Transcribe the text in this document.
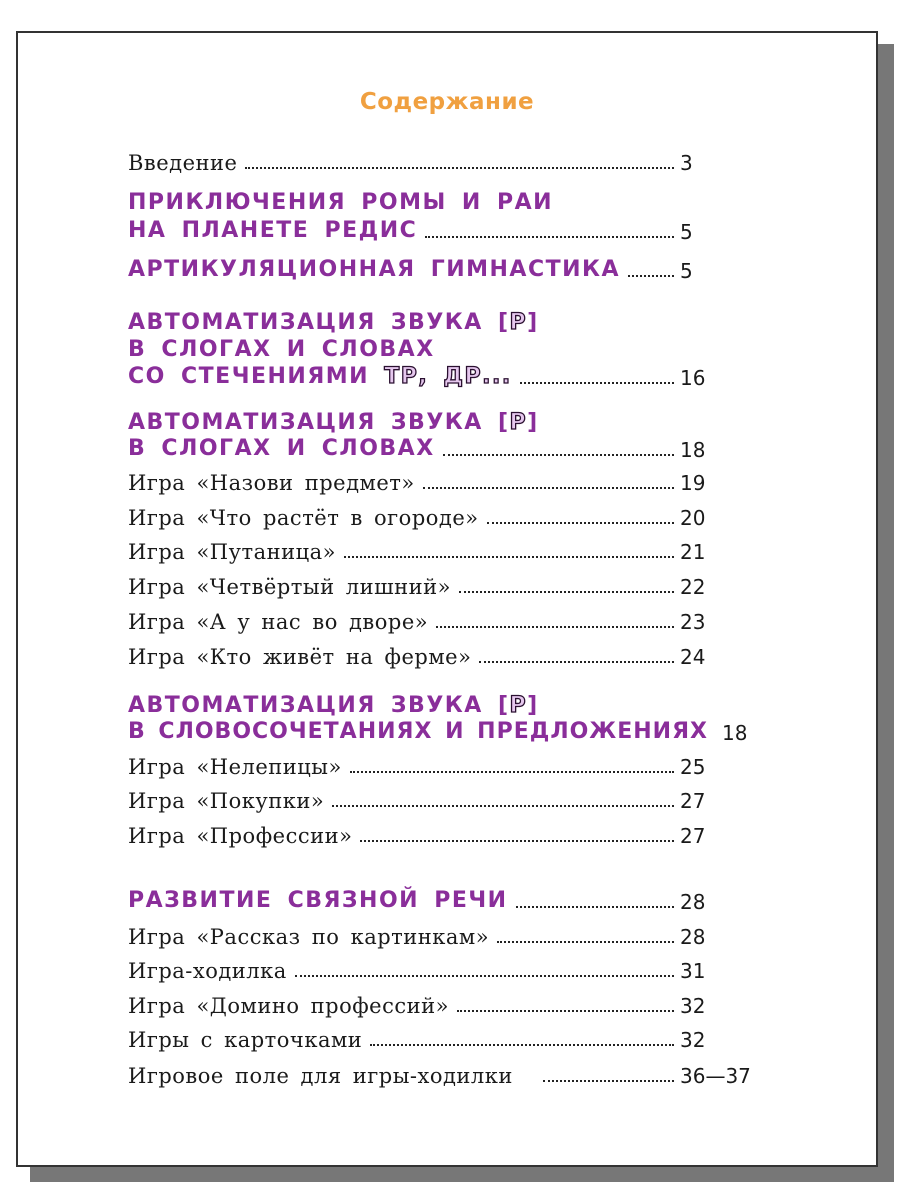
Содержание
Введение	3
ПРИКЛЮЧЕНИЯ РОМЫ И РАИ
НА ПЛАНЕТЕ РЕДИС	5
АРТИКУЛЯЦИОННАЯ ГИМНАСТИКА	5
АВТОМАТИЗАЦИЯ ЗВУКА [Р]
В СЛОГАХ И СЛОВАХ
СО СТЕЧЕНИЯМИ ТР, ДР...	16
АВТОМАТИЗАЦИЯ ЗВУКА [Р]
В СЛОГАХ И СЛОВАХ	18
Игра «Назови предмет»	19
Игра «Что растёт в огороде»	20
Игра «Путаница»	21
Игра «Четвёртый лишний»	22
Игра «А у нас во дворе»	23
Игра «Кто живёт на ферме»	24
АВТОМАТИЗАЦИЯ ЗВУКА [Р]
В СЛОВОСОЧЕТАНИЯХ И ПРЕДЛОЖЕНИЯХ 18
Игра «Нелепицы»	25
Игра «Покупки»	27
Игра «Профессии»	27
РАЗВИТИЕ СВЯЗНОЙ РЕЧИ	28
Игра «Рассказ по картинкам»	28
Игра-ходилка	31
Игра «Домино профессий»	32
Игры с карточками	32
Игровое поле для игры-ходилки	36—37
